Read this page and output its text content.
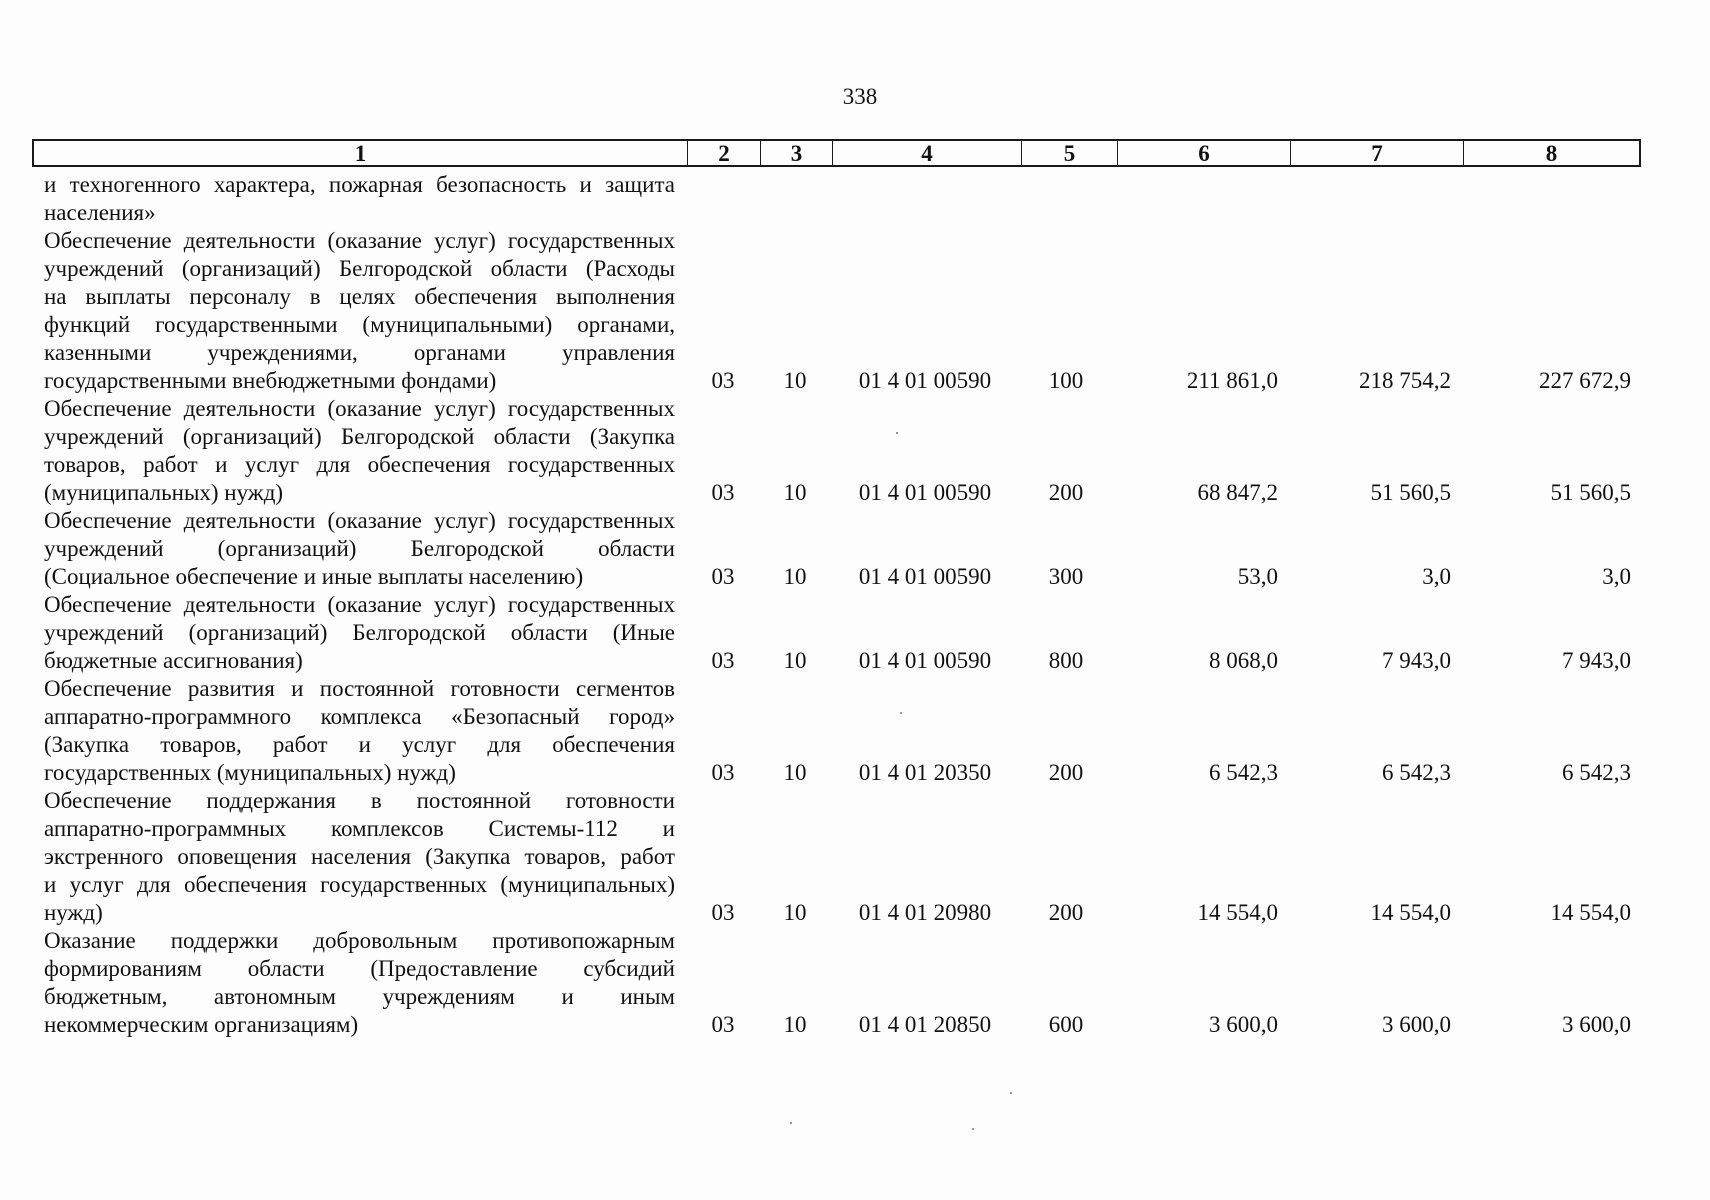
338
1	2	3	4	5	6	7	8
и техногенного характера, пожарная безопасность и защита
населения»
Обеспечение деятельности (оказание услуг) государственных
учреждений (организаций) Белгородской области (Расходы
на выплаты персоналу в целях обеспечения выполнения
функций государственными (муниципальными) органами,
казенными учреждениями, органами управления
государственными внебюджетными фондами)	03	10	01 4 01 00590	100	211 861,0	218 754,2	227 672,9
Обеспечение деятельности (оказание услуг) государственных
учреждений (организаций) Белгородской области (Закупка
товаров, работ и услуг для обеспечения государственных
(муниципальных) нужд)	03	10	01 4 01 00590	200	68 847,2	51 560,5	51 560,5
Обеспечение деятельности (оказание услуг) государственных
учреждений (организаций) Белгородской области
(Социальное обеспечение и иные выплаты населению)	03	10	01 4 01 00590	300	53,0	3,0	3,0
Обеспечение деятельности (оказание услуг) государственных
учреждений (организаций) Белгородской области (Иные
бюджетные ассигнования)	03	10	01 4 01 00590	800	8 068,0	7 943,0	7 943,0
Обеспечение развития и постоянной готовности сегментов
аппаратно-программного комплекса «Безопасный город»
(Закупка товаров, работ и услуг для обеспечения
государственных (муниципальных) нужд)	03	10	01 4 01 20350	200	6 542,3	6 542,3	6 542,3
Обеспечение поддержания в постоянной готовности
аппаратно-программных комплексов Системы-112 и
экстренного оповещения населения (Закупка товаров, работ
и услуг для обеспечения государственных (муниципальных)
нужд)	03	10	01 4 01 20980	200	14 554,0	14 554,0	14 554,0
Оказание поддержки добровольным противопожарным
формированиям области (Предоставление субсидий
бюджетным, автономным учреждениям и иным
некоммерческим организациям)	03	10	01 4 01 20850	600	3 600,0	3 600,0	3 600,0
